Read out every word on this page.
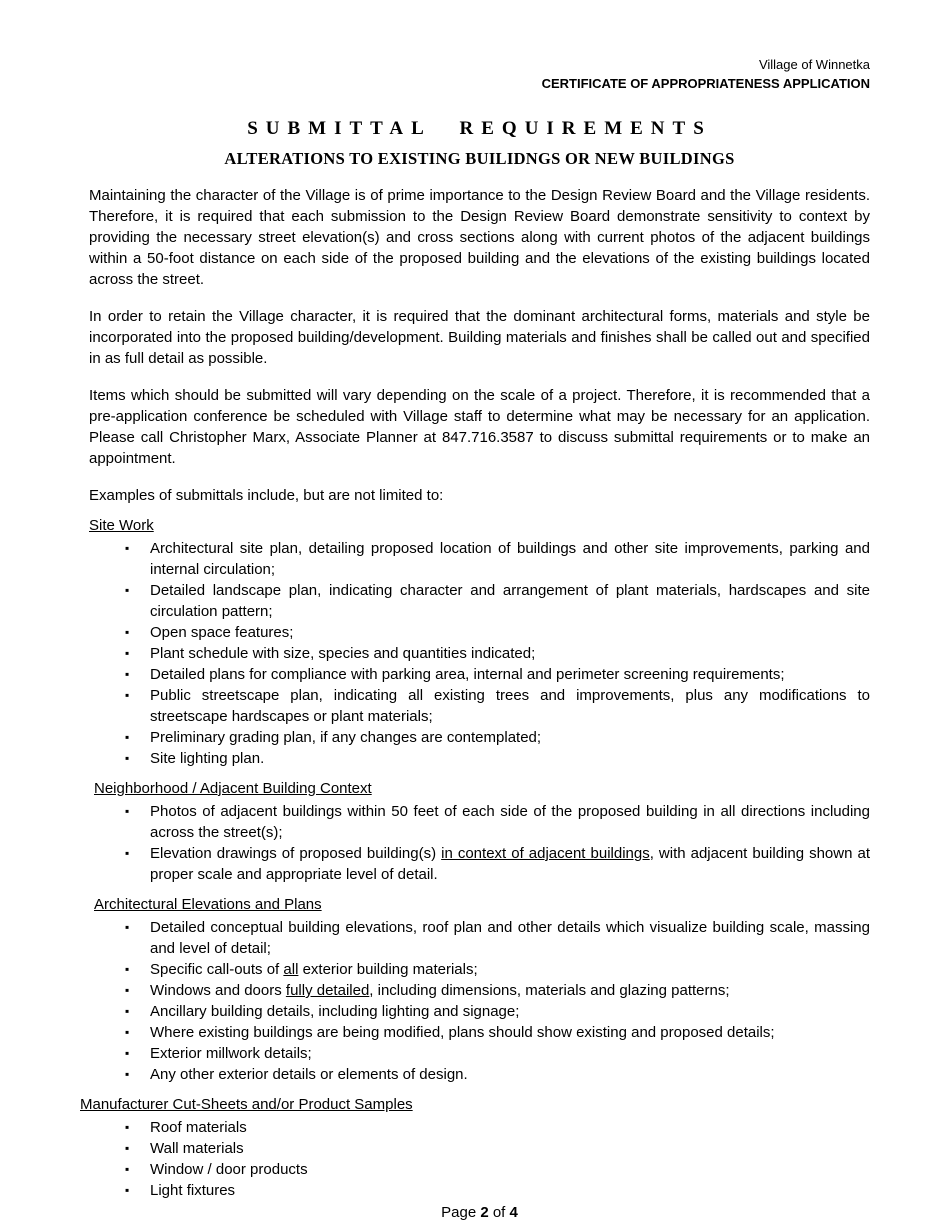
Village of Winnetka
CERTIFICATE OF APPROPRIATENESS APPLICATION
SUBMITTAL REQUIREMENTS
ALTERATIONS TO EXISTING BUILIDNGS OR NEW BUILDINGS

Maintaining the character of the Village is of prime importance to the Design Review Board and the Village residents. Therefore, it is required that each submission to the Design Review Board demonstrate sensitivity to context by providing the necessary street elevation(s) and cross sections along with current photos of the adjacent buildings within a 50-foot distance on each side of the proposed building and the elevations of the existing buildings located across the street.

In order to retain the Village character, it is required that the dominant architectural forms, materials and style be incorporated into the proposed building/development. Building materials and finishes shall be called out and specified in as full detail as possible.

Items which should be submitted will vary depending on the scale of a project. Therefore, it is recommended that a pre-application conference be scheduled with Village staff to determine what may be necessary for an application. Please call Christopher Marx, Associate Planner at 847.716.3587 to discuss submittal requirements or to make an appointment.

Examples of submittals include, but are not limited to:

Site Work
▪	Architectural site plan, detailing proposed location of buildings and other site improvements, parking and internal circulation;
▪	Detailed landscape plan, indicating character and arrangement of plant materials, hardscapes and site circulation pattern;
▪	Open space features;
▪	Plant schedule with size, species and quantities indicated;
▪	Detailed plans for compliance with parking area, internal and perimeter screening requirements;
▪	Public streetscape plan, indicating all existing trees and improvements, plus any modifications to streetscape hardscapes or plant materials;
▪	Preliminary grading plan, if any changes are contemplated;
▪	Site lighting plan.
Neighborhood / Adjacent Building Context
▪	Photos of adjacent buildings within 50 feet of each side of the proposed building in all directions including across the street(s);
▪	Elevation drawings of proposed building(s) in context of adjacent buildings, with adjacent building shown at proper scale and appropriate level of detail.
Architectural Elevations and Plans
▪	Detailed conceptual building elevations, roof plan and other details which visualize building scale, massing and level of detail;
▪	Specific call-outs of all exterior building materials;
▪	Windows and doors fully detailed, including dimensions, materials and glazing patterns;
▪	Ancillary building details, including lighting and signage;
▪	Where existing buildings are being modified, plans should show existing and proposed details;
▪	Exterior millwork details;
▪	Any other exterior details or elements of design.
Manufacturer Cut-Sheets and/or Product Samples
▪	Roof materials
▪	Wall materials
▪	Window / door products
▪	Light fixtures
Page 2 of 4
